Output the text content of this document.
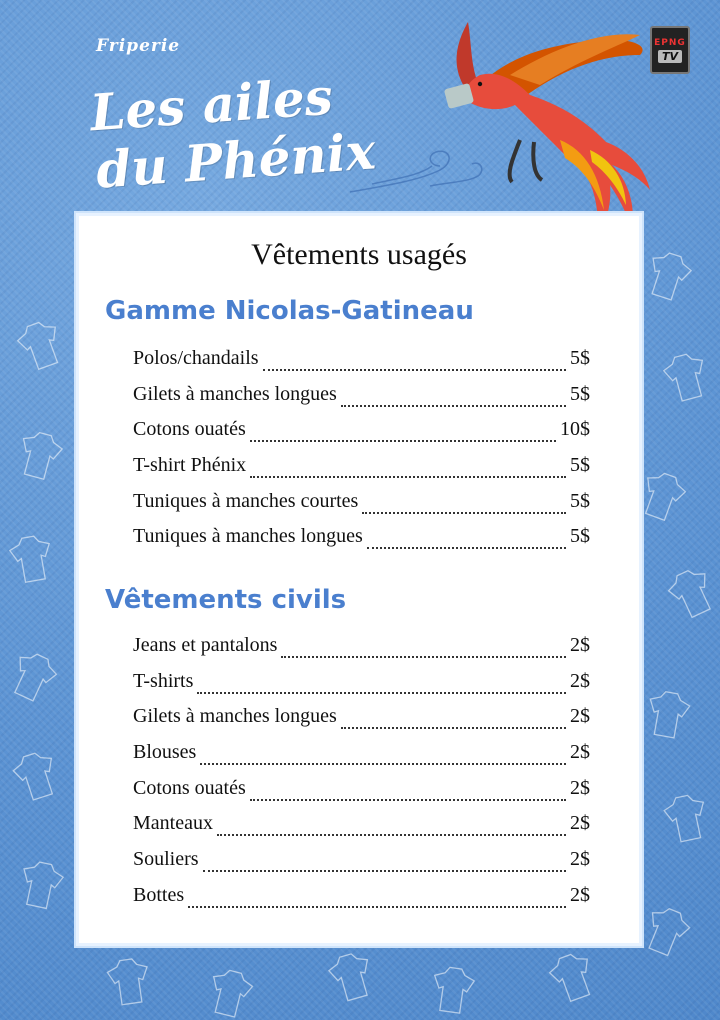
Friperie
Les ailes
du Phénix
EPNG
TV
Vêtements usagés
Gamme Nicolas-Gatineau
Polos/chandails	5$
Gilets à manches longues	5$
Cotons ouatés	10$
T-shirt Phénix	5$
Tuniques à manches courtes	5$
Tuniques à manches longues	5$
Vêtements civils
Jeans et pantalons	2$
T-shirts	2$
Gilets à manches longues	2$
Blouses	2$
Cotons ouatés	2$
Manteaux	2$
Souliers	2$
Bottes	2$
